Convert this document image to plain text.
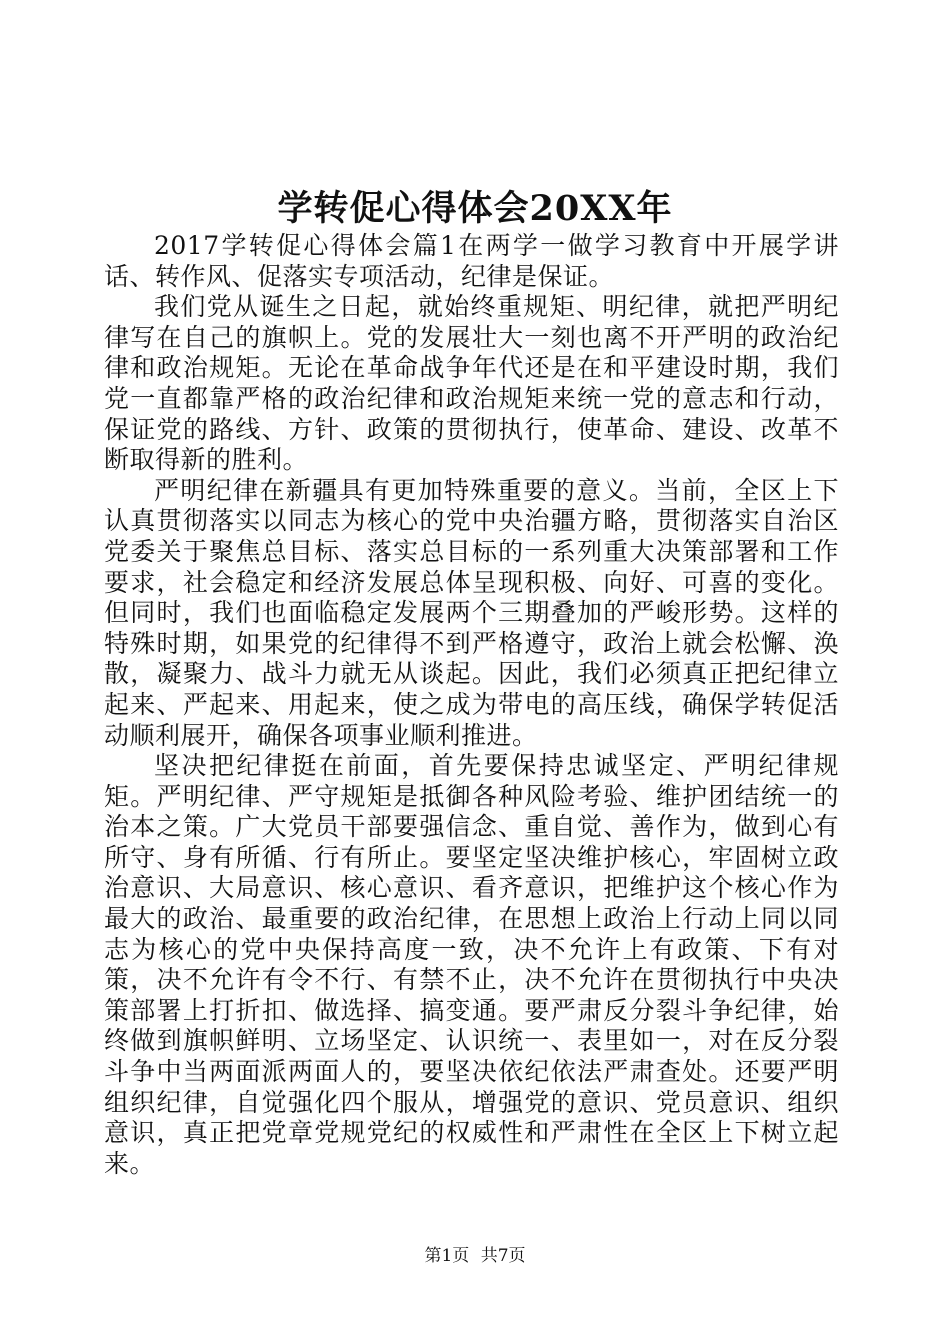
学转促心得体会20XX年

2017学转促心得体会篇1在两学一做学习教育中开展学讲话、转作风、促落实专项活动，纪律是保证。

我们党从诞生之日起，就始终重规矩、明纪律，就把严明纪律写在自己的旗帜上。党的发展壮大一刻也离不开严明的政治纪律和政治规矩。无论在革命战争年代还是在和平建设时期，我们党一直都靠严格的政治纪律和政治规矩来统一党的意志和行动，保证党的路线、方针、政策的贯彻执行，使革命、建设、改革不断取得新的胜利。

严明纪律在新疆具有更加特殊重要的意义。当前，全区上下认真贯彻落实以同志为核心的党中央治疆方略，贯彻落实自治区党委关于聚焦总目标、落实总目标的一系列重大决策部署和工作要求，社会稳定和经济发展总体呈现积极、向好、可喜的变化。但同时，我们也面临稳定发展两个三期叠加的严峻形势。这样的特殊时期，如果党的纪律得不到严格遵守，政治上就会松懈、涣散，凝聚力、战斗力就无从谈起。因此，我们必须真正把纪律立起来、严起来、用起来，使之成为带电的高压线，确保学转促活动顺利展开，确保各项事业顺利推进。

坚决把纪律挺在前面，首先要保持忠诚坚定、严明纪律规矩。严明纪律、严守规矩是抵御各种风险考验、维护团结统一的治本之策。广大党员干部要强信念、重自觉、善作为，做到心有所守、身有所循、行有所止。要坚定坚决维护核心，牢固树立政治意识、大局意识、核心意识、看齐意识，把维护这个核心作为最大的政治、最重要的政治纪律，在思想上政治上行动上同以同志为核心的党中央保持高度一致，决不允许上有政策、下有对策，决不允许有令不行、有禁不止，决不允许在贯彻执行中央决策部署上打折扣、做选择、搞变通。要严肃反分裂斗争纪律，始终做到旗帜鲜明、立场坚定、认识统一、表里如一，对在反分裂斗争中当两面派两面人的，要坚决依纪依法严肃查处。还要严明组织纪律，自觉强化四个服从，增强党的意识、党员意识、组织意识，真正把党章党规党纪的权威性和严肃性在全区上下树立起来。

第1页 共7页
